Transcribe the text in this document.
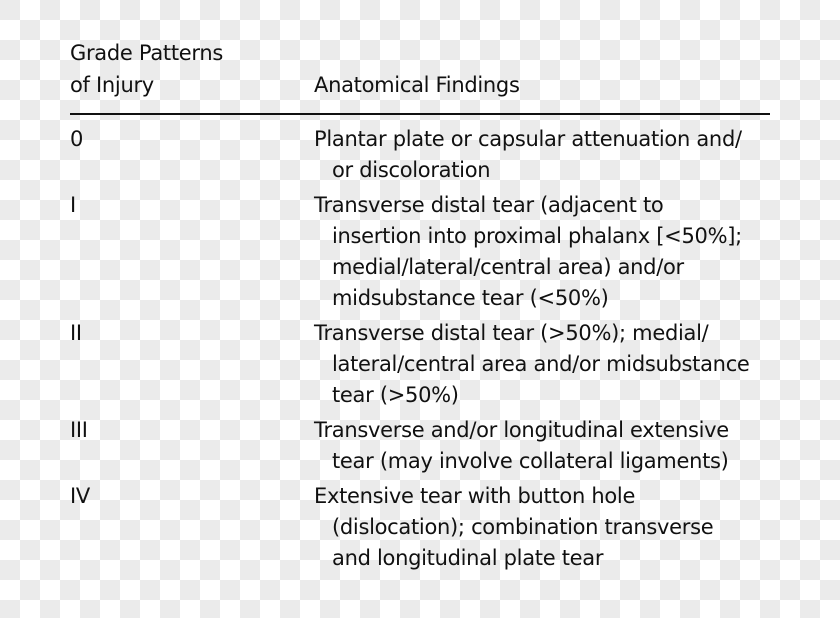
Grade Patterns
of Injury	Anatomical Findings
0	Plantar plate or capsular attenuation and/
or discoloration
I	Transverse distal tear (adjacent to
insertion into proximal phalanx [<50%];
medial/lateral/central area) and/or
midsubstance tear (<50%)
II	Transverse distal tear (>50%); medial/
lateral/central area and/or midsubstance
tear (>50%)
III	Transverse and/or longitudinal extensive
tear (may involve collateral ligaments)
IV	Extensive tear with button hole
(dislocation); combination transverse
and longitudinal plate tear
